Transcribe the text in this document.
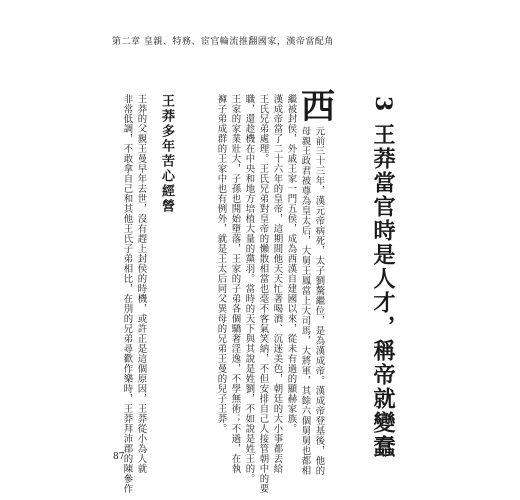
第二章 皇親、特務、宦官輪流推翻國家，漢帝當配角
3 王莽當官時是人才，稱帝就變蠢
西
元前三十三年，漢元帝病死，太子劉驁繼位，是為漢成帝。漢成帝登基後，他的
母親王政君被尊為皇太后，大舅王鳳當上大司馬，大將軍，其餘六個舅舅也都相
繼被封侯，外戚王家一門五侯，成為西漢自建國以來，從未有過的顯赫家族。
漢成帝當了二十六年的皇帝，這期間他天天忙著喝酒、沉迷美色，朝廷的大小事都丟給
王氏兄弟處理。王氏兄弟對皇帝的懶散相當也毫不客氣笑納，不但安排自己人接管朝中的要
職，還趁機在中央和地方培植大量的黨羽。當時的天下與其說是姓劉，不如說是姓王的。
王家的家業壯大，子孫也開始墮落，王家的子弟各個驕奢淫逸，不學無術；不過，在執
褲子弟成群的王家中也有例外，就是王太后同父異母的兄弟王曼的兒子王莽。
王莽多年苦心經營
王莽的父親王曼早年去世，沒有趕上封侯的時機，或許正是這個原因，王莽從小為人就
非常低調，不敢拿自己和其他王氏子弟相比，在別的兄弟尋歡作樂時，王莽拜沛郡的陳參作
87
